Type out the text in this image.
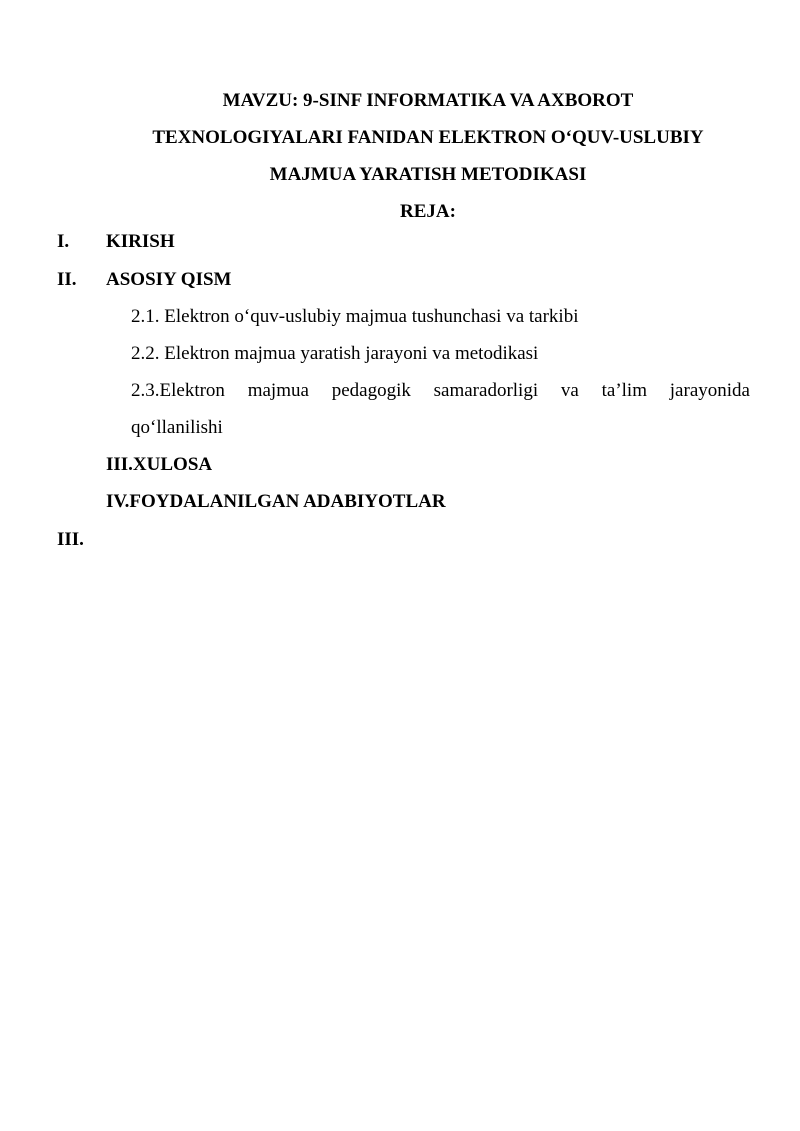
MAVZU: 9-SINF INFORMATIKA VA AXBOROT
TEXNOLOGIYALARI FANIDAN ELEKTRON O‘QUV-USLUBIY
MAJMUA YARATISH METODIKASI
REJA:
I. KIRISH
II. ASOSIY QISM
2.1. Elektron o‘quv-uslubiy majmua tushunchasi va tarkibi
2.2. Elektron majmua yaratish jarayoni va metodikasi
2.3.Elektron majmua pedagogik samaradorligi va ta’lim jarayonida
qo‘llanilishi
III.XULOSA
IV.FOYDALANILGAN ADABIYOTLAR
III.
